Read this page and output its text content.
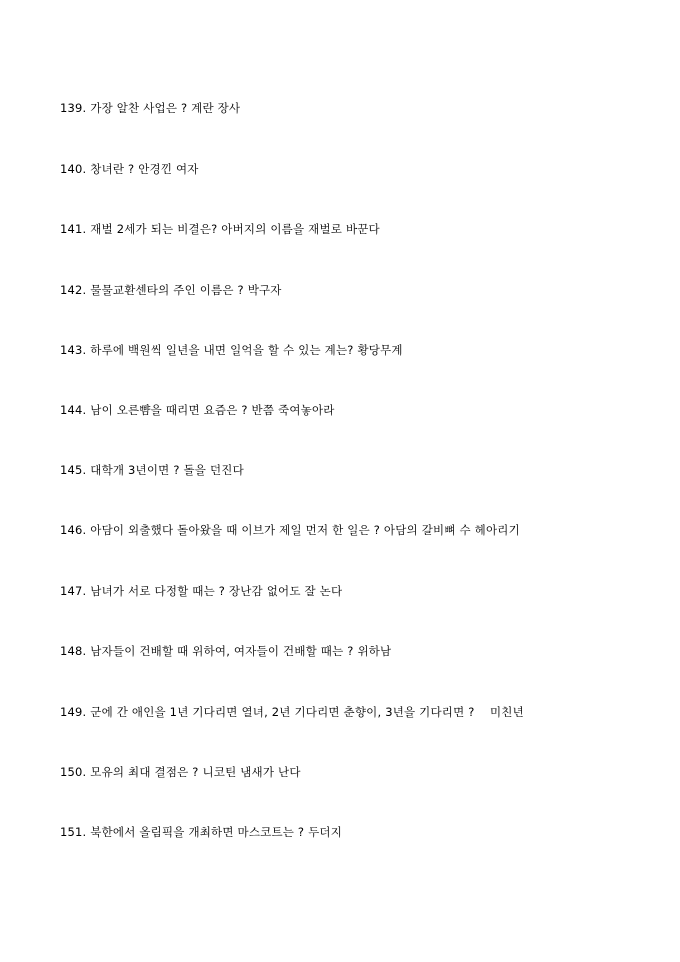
139. 가장 알찬 사업은 ? 계란 장사
140. 창녀란 ? 안경낀 여자
141. 재벌 2세가 되는 비결은? 아버지의 이름을 재벌로 바꾼다
142. 물물교환센타의 주인 이름은 ? 박구자
143. 하루에 백원씩 일년을 내면 일억을 할 수 있는 계는? 황당무계
144. 남이 오른뺨을 때리면 요즘은 ? 반쯤 죽여놓아라
145. 대학개 3년이면 ? 돌을 던진다
146. 아담이 외출했다 돌아왔을 때 이브가 제일 먼저 한 일은 ? 아담의 갈비뼈 수 헤아리기
147. 남녀가 서로 다정할 때는 ? 장난감 없어도 잘 논다
148. 남자들이 건배할 때 위하여, 여자들이 건배할 때는 ? 위하남
149. 군에 간 애인을 1년 기다리면 열녀, 2년 기다리면 춘향이, 3년을 기다리면 ?    미친년
150. 모유의 최대 결점은 ? 니코틴 냄새가 난다
151. 북한에서 올림픽을 개최하면 마스코트는 ? 두더지
